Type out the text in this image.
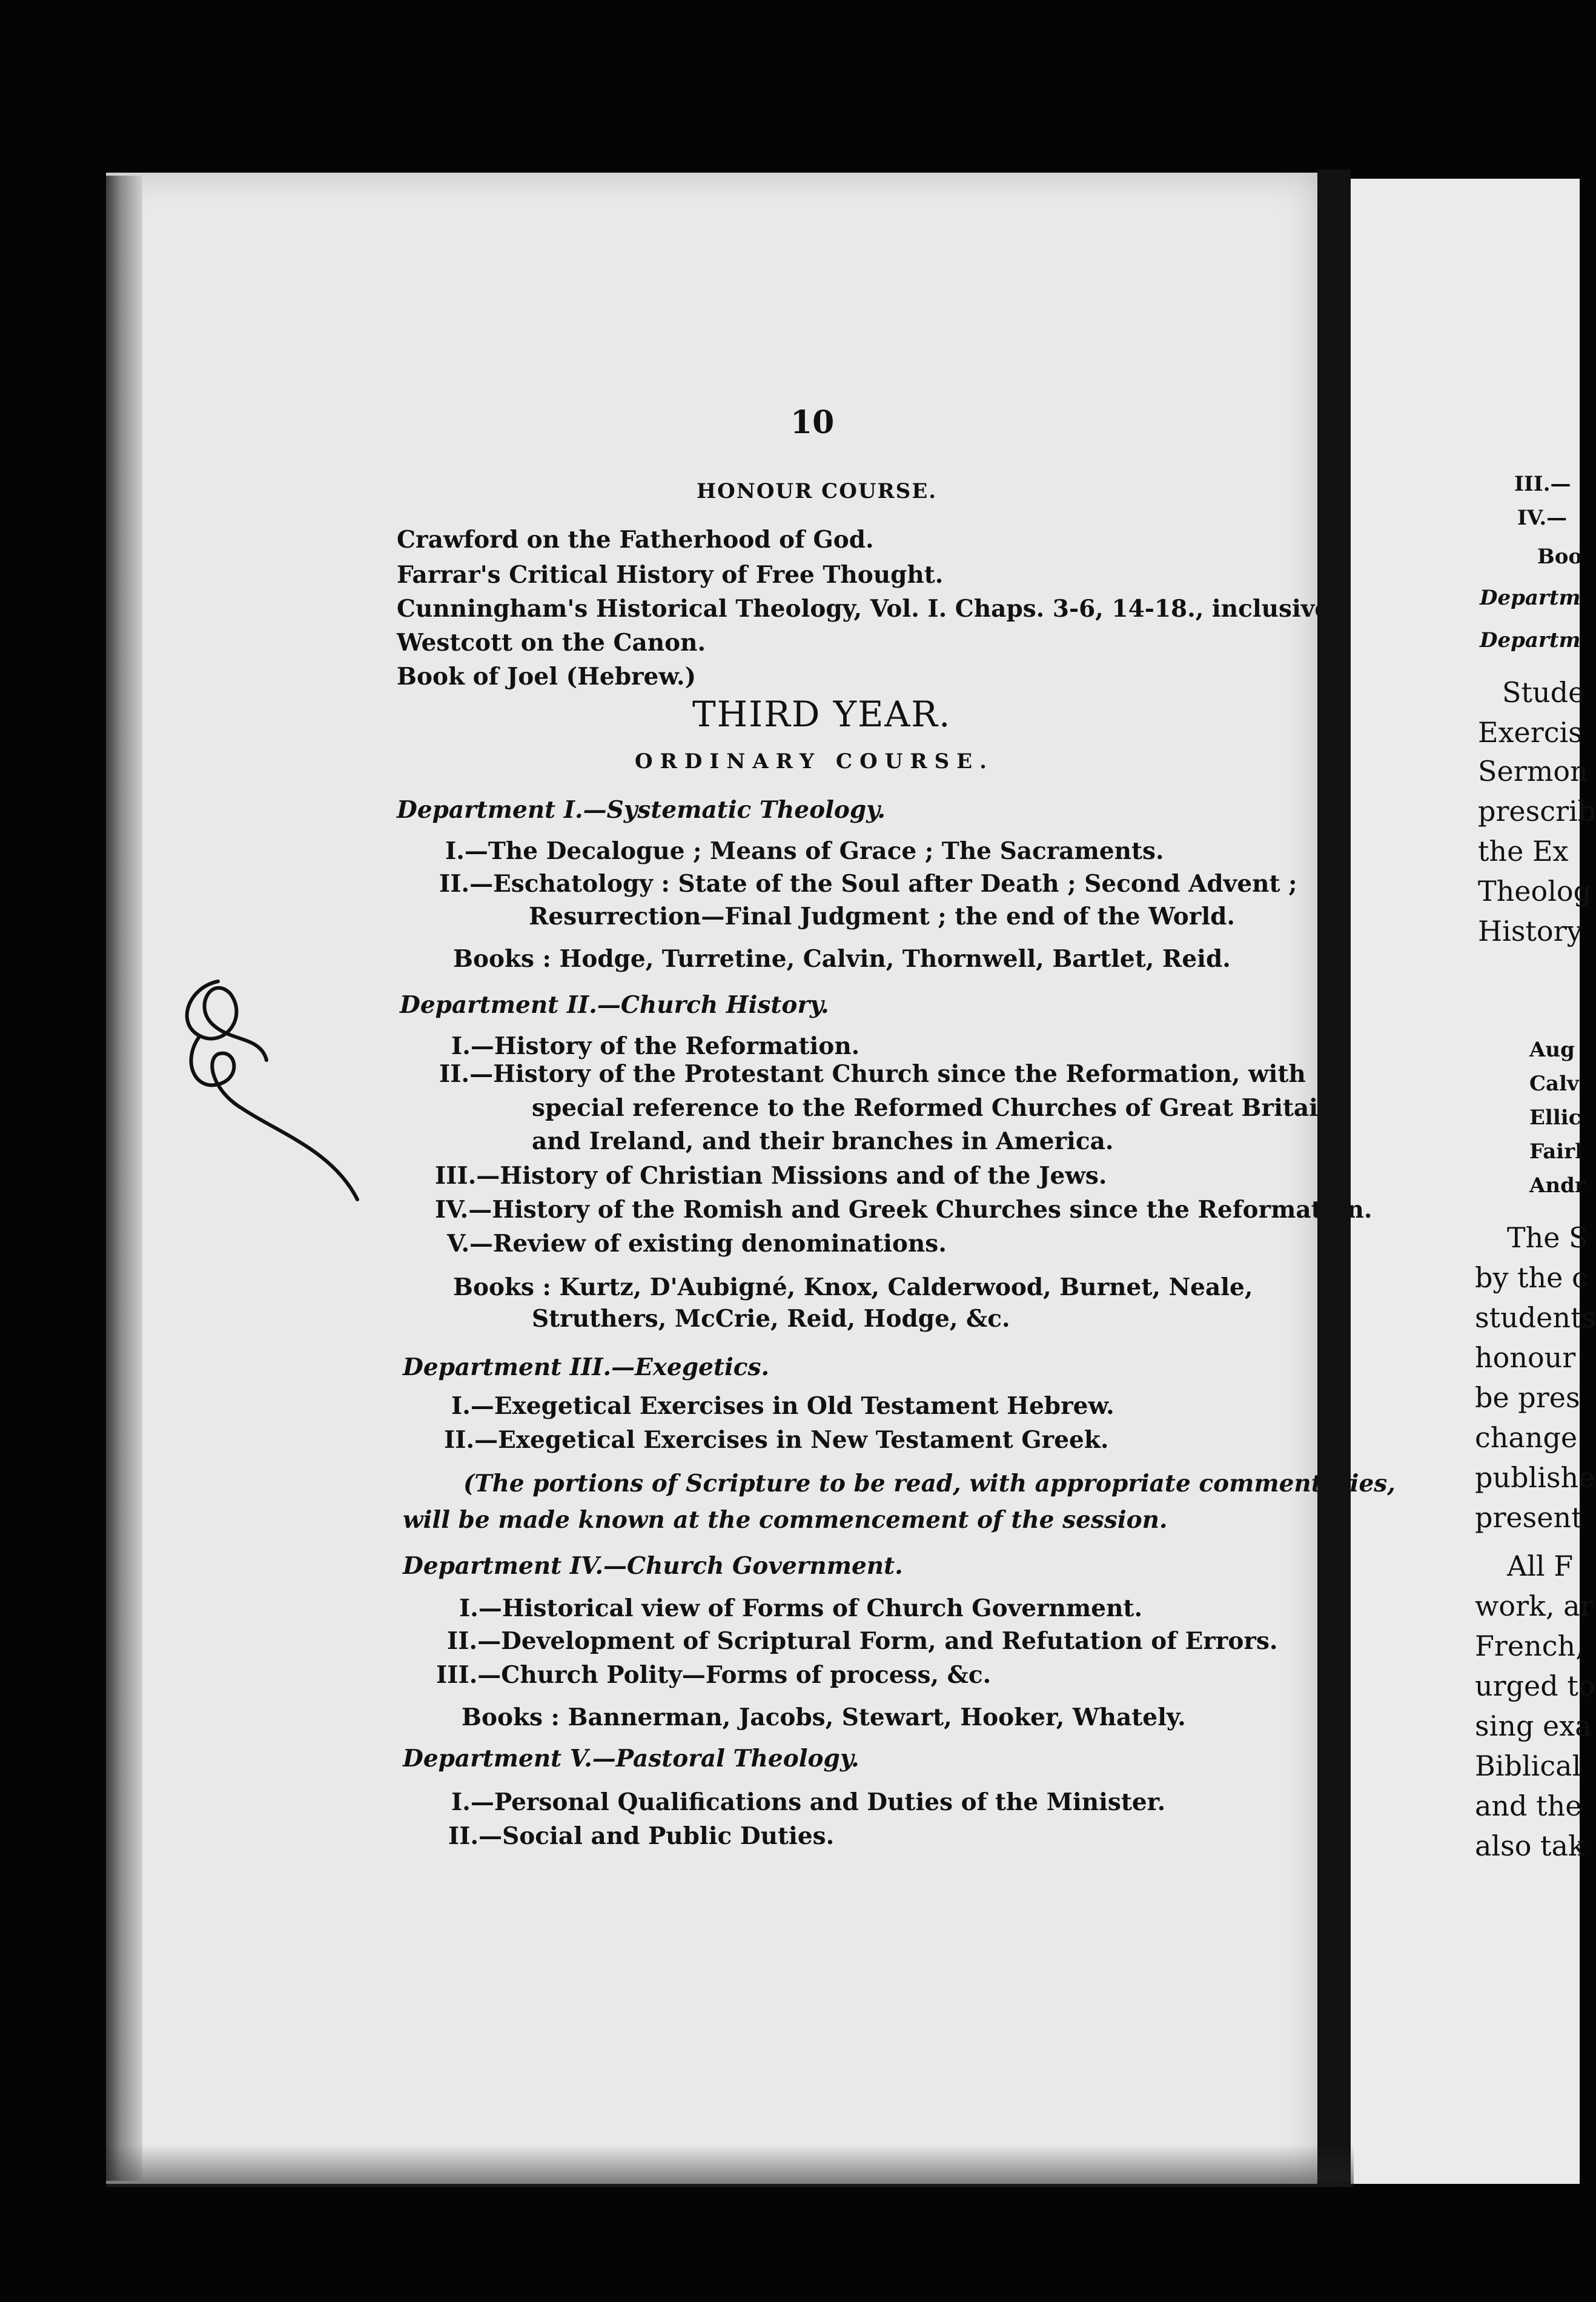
10
HONOUR COURSE.
Crawford on the Fatherhood of God.
Farrar's Critical History of Free Thought.
Cunningham's Historical Theology, Vol. I. Chaps. 3-6, 14-18., inclusive.
Westcott on the Canon.
Book of Joel (Hebrew.)
THIRD YEAR.
ORDINARY COURSE.
Department I.—Systematic Theology.
I.—The Decalogue ; Means of Grace ; The Sacraments.
II.—Eschatology : State of the Soul after Death ; Second Advent ;
Resurrection—Final Judgment ; the end of the World.
Books : Hodge, Turretine, Calvin, Thornwell, Bartlet, Reid.
Department II.—Church History.
I.—History of the Reformation.
II.—History of the Protestant Church since the Reformation, with
special reference to the Reformed Churches of Great Britain
and Ireland, and their branches in America.
III.—History of Christian Missions and of the Jews.
IV.—History of the Romish and Greek Churches since the Reformation.
V.—Review of existing denominations.
Books : Kurtz, D'Aubigné, Knox, Calderwood, Burnet, Neale,
Struthers, McCrie, Reid, Hodge, &c.
Department III.—Exegetics.
I.—Exegetical Exercises in Old Testament Hebrew.
II.—Exegetical Exercises in New Testament Greek.
(The portions of Scripture to be read, with appropriate commentaries,
will be made known at the commencement of the session.
Department IV.—Church Government.
I.—Historical view of Forms of Church Government.
II.—Development of Scriptural Form, and Refutation of Errors.
III.—Church Polity—Forms of process, &c.
Books : Bannerman, Jacobs, Stewart, Hooker, Whately.
Department V.—Pastoral Theology.
I.—Personal Qualifications and Duties of the Minister.
II.—Social and Public Duties.
III.—
IV.—
Boo
Departm
Departm
Stude
Exercis
Sermon
prescrib
the Ex
Theolog
History
Aug
Calv
Ellic
Fairl
Andr
The S
by the c
students
honour
be pres
change
publishe
present
All F
work, ar
French,
urged to
sing exa
Biblical
and the
also tak
